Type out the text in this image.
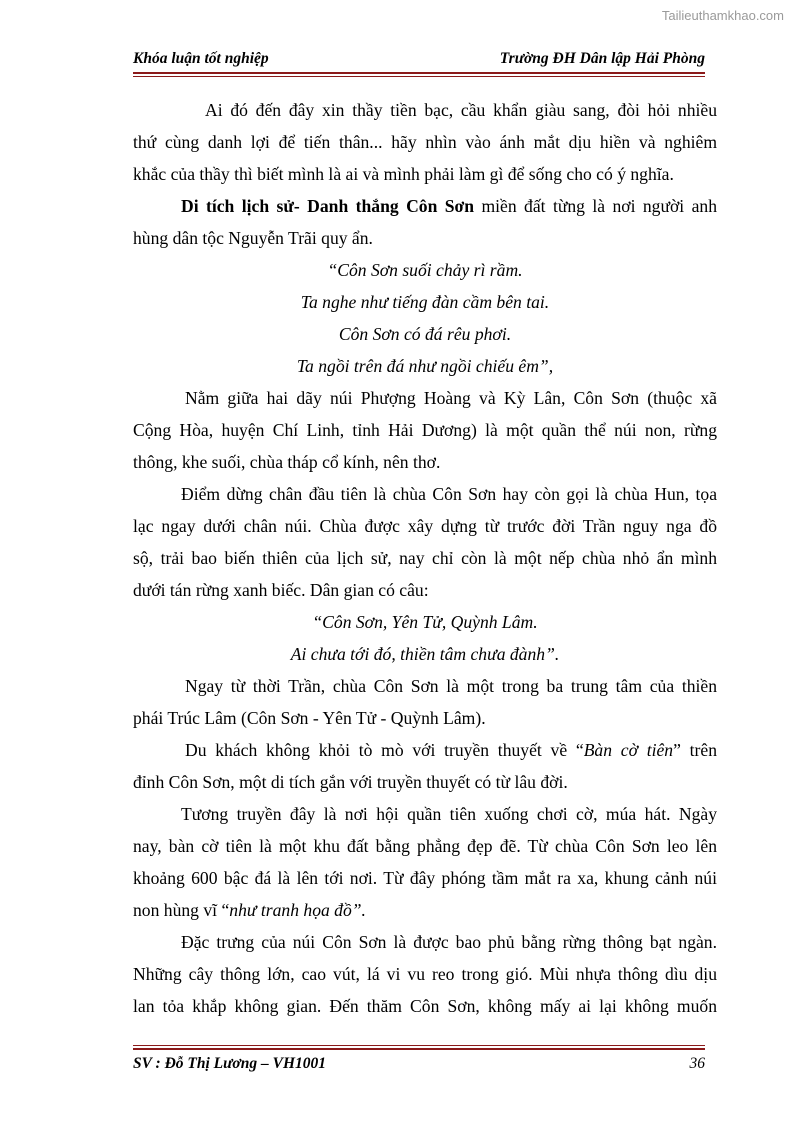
Tailieuthamkhao.com
Khóa luận tốt nghiệp	Trường ĐH Dân lập Hải Phòng
Ai đó đến đây xin thầy tiền bạc, cầu khẩn giàu sang, đòi hỏi nhiều
thứ cùng danh lợi để tiến thân... hãy nhìn vào ánh mắt dịu hiền và nghiêm
khắc của thầy thì biết mình là ai và mình phải làm gì để sống cho có ý nghĩa.
Di tích lịch sử- Danh thắng Côn Sơn miền đất từng là nơi người anh
hùng dân tộc Nguyễn Trãi quy ẩn.
“Côn Sơn suối chảy rì rầm.
Ta nghe như tiếng đàn cầm bên tai.
Côn Sơn có đá rêu phơi.
Ta ngồi trên đá như ngồi chiếu êm”,
Nằm giữa hai dãy núi Phượng Hoàng và Kỳ Lân, Côn Sơn (thuộc xã
Cộng Hòa, huyện Chí Linh, tỉnh Hải Dương) là một quần thể núi non, rừng
thông, khe suối, chùa tháp cổ kính, nên thơ.
Điểm dừng chân đầu tiên là chùa Côn Sơn hay còn gọi là chùa Hun, tọa
lạc ngay dưới chân núi. Chùa được xây dựng từ trước đời Trần nguy nga đồ
sộ, trải bao biến thiên của lịch sử, nay chỉ còn là một nếp chùa nhỏ ẩn mình
dưới tán rừng xanh biếc. Dân gian có câu:
“Côn Sơn, Yên Tử, Quỳnh Lâm.
Ai chưa tới đó, thiền tâm chưa đành”.
Ngay từ thời Trần, chùa Côn Sơn là một trong ba trung tâm của thiền
phái Trúc Lâm (Côn Sơn - Yên Tử - Quỳnh Lâm).
Du khách không khỏi tò mò với truyền thuyết về “Bàn cờ tiên” trên
đỉnh Côn Sơn, một di tích gắn với truyền thuyết có từ lâu đời.
Tương truyền đây là nơi hội quần tiên xuống chơi cờ, múa hát. Ngày
nay, bàn cờ tiên là một khu đất bằng phẳng đẹp đẽ. Từ chùa Côn Sơn leo lên
khoảng 600 bậc đá là lên tới nơi. Từ đây phóng tầm mắt ra xa, khung cảnh núi
non hùng vĩ “như tranh họa đồ”.
Đặc trưng của núi Côn Sơn là được bao phủ bằng rừng thông bạt ngàn.
Những cây thông lớn, cao vút, lá vi vu reo trong gió. Mùi nhựa thông dìu dịu
lan tỏa khắp không gian. Đến thăm Côn Sơn, không mấy ai lại không muốn
SV : Đỗ Thị Lương – VH1001	36
